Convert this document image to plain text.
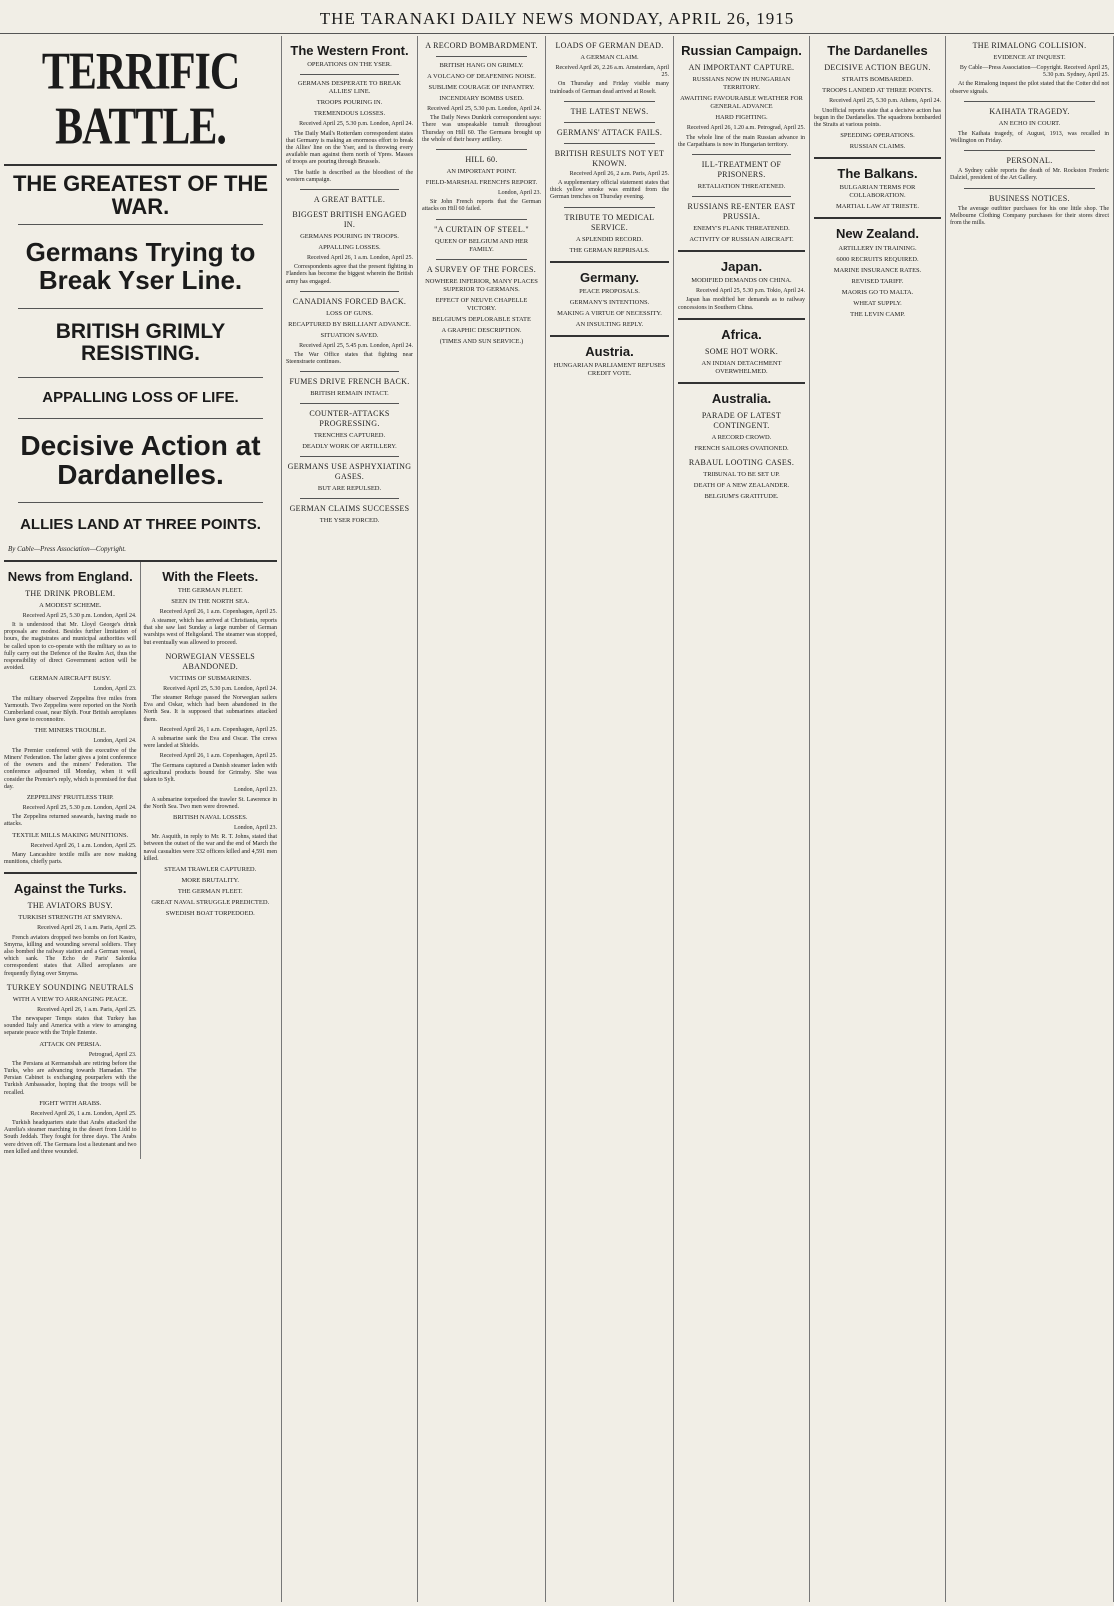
THE TARANAKI DAILY NEWS MONDAY, APRIL 26, 1915
TERRIFIC BATTLE.
THE GREATEST OF THE WAR.
Germans Trying to Break Yser Line.
BRITISH GRIMLY RESISTING.
APPALLING LOSS OF LIFE.
Decisive Action at Dardanelles.
ALLIES LAND AT THREE POINTS.
By Cable—Press Association—Copyright.
News from England.
THE DRINK PROBLEM.
A MODEST SCHEME.
Received April 25, 5.30 p.m. London, April 24.
It is understood that Mr. Lloyd George's drink proposals are modest. Besides further limitation of hours, the magistrates and municipal authorities will be called upon to co-operate with the military so as to fully carry out the Defence of the Realm Act, thus the responsibility of direct Government action will be avoided.
GERMAN AIRCRAFT BUSY.
London, April 23.
The military observed Zeppelins five miles from Yarmouth. Two Zeppelins were reported on the North Cumberland coast, near Blyth. Four British aeroplanes have gone to reconnoitre.
THE MINERS TROUBLE.
London, April 24.
The Premier conferred with the executive of the Miners' Federation. The latter gives a joint conference of the owners and the miners' Federation. The conference adjourned till Monday, when it will consider the Premier's reply, which is promised for that day.
ZEPPELINS' FRUITLESS TRIP.
Received April 25, 5.30 p.m. London, April 24.
The Zeppelins returned seawards, having made no attacks.
TEXTILE MILLS MAKING MUNITIONS.
Received April 26, 1 a.m. London, April 25.
Many Lancashire textile mills are now making munitions, chiefly parts.
Against the Turks.
THE AVIATORS BUSY.
TURKISH STRENGTH AT SMYRNA.
Received April 26, 1 a.m. Paris, April 25.
French aviators dropped two bombs on fort Kastro, Smyrna, killing and wounding several soldiers. They also bombed the railway station and a German vessel, which sank. The Echo de Paris' Salonika correspondent states that Allied aeroplanes are frequently flying over Smyrna.
TURKEY SOUNDING NEUTRALS
WITH A VIEW TO ARRANGING PEACE.
Received April 26, 1 a.m. Paris, April 25.
The newspaper Temps states that Turkey has sounded Italy and America with a view to arranging separate peace with the Triple Entente.
ATTACK ON PERSIA.
Petrograd, April 23.
The Persians at Kermanshah are retiring before the Turks, who are advancing towards Hamadan. The Persian Cabinet is exchanging pourparlers with the Turkish Ambassador, hoping that the troops will be recalled.
FIGHT WITH ARABS.
Received April 26, 1 a.m. London, April 25.
Turkish headquarters state that Arabs attacked the Aurelia's steamer marching in the desert from Lidd to South Jeddah. They fought for three days. The Arabs were driven off. The Germans lost a lieutenant and two men killed and three wounded.
With the Fleets.
THE GERMAN FLEET.
SEEN IN THE NORTH SEA.
Received April 26, 1 a.m. Copenhagen, April 25.
A steamer, which has arrived at Christiania, reports that she saw last Sunday a large number of German warships west of Heligoland. The steamer was stopped, but eventually was allowed to proceed.
NORWEGIAN VESSELS ABANDONED.
VICTIMS OF SUBMARINES.
Received April 25, 5.30 p.m. London, April 24.
The steamer Refuge passed the Norwegian sailers Eva and Oskar, which had been abandoned in the North Sea. It is supposed that submarines attacked them.
Received April 26, 1 a.m. Copenhagen, April 25.
A submarine sank the Eva and Oscar. The crews were landed at Shields.
Received April 26, 1 a.m. Copenhagen, April 25.
The Germans captured a Danish steamer laden with agricultural products bound for Grimsby. She was taken to Sylt.
London, April 23.
A submarine torpedoed the trawler St. Lawrence in the North Sea. Two men were drowned.
BRITISH NAVAL LOSSES.
London, April 23.
Mr. Asquith, in reply to Mr. R. T. Johns, stated that between the outset of the war and the end of March the naval casualties were 332 officers killed and 4,591 men killed.
STEAM TRAWLER CAPTURED.
MORE BRUTALITY.
THE GERMAN FLEET.
GREAT NAVAL STRUGGLE PREDICTED.
SWEDISH BOAT TORPEDOED.
The Western Front.
OPERATIONS ON THE YSER.
GERMANS DESPERATE TO BREAK ALLIES' LINE.
TROOPS POURING IN.
TREMENDOUS LOSSES.
Received April 25, 5.30 p.m. London, April 24.
The Daily Mail's Rotterdam correspondent states that Germany is making an enormous effort to break the Allies' line on the Yser, and is throwing every available man against them north of Ypres. Masses of troops are pouring through Brussels.
The battle is described as the bloodiest of the western campaign.
A GREAT BATTLE.
BIGGEST BRITISH ENGAGED IN.
GERMANS POURING IN TROOPS.
APPALLING LOSSES.
Received April 26, 1 a.m. London, April 25.
Correspondents agree that the present fighting in Flanders has become the biggest wherein the British army has engaged.
CANADIANS FORCED BACK.
LOSS OF GUNS.
RECAPTURED BY BRILLIANT ADVANCE.
SITUATION SAVED.
Received April 25, 5.45 p.m. London, April 24.
The War Office states that fighting near Steenstraete continues.
FUMES DRIVE FRENCH BACK.
BRITISH REMAIN INTACT.
COUNTER-ATTACKS PROGRESSING.
TRENCHES CAPTURED.
DEADLY WORK OF ARTILLERY.
GERMANS USE ASPHYXIATING GASES.
BUT ARE REPULSED.
GERMAN CLAIMS SUCCESSES
THE YSER FORCED.
A RECORD BOMBARDMENT.
BRITISH HANG ON GRIMLY.
A VOLCANO OF DEAFENING NOISE.
SUBLIME COURAGE OF INFANTRY.
INCENDIARY BOMBS USED.
Received April 25, 5.30 p.m. London, April 24.
The Daily News Dunkirk correspondent says: There was unspeakable tumult throughout Thursday on Hill 60. The Germans brought up the whole of their heavy artillery.
HILL 60.
AN IMPORTANT POINT.
FIELD-MARSHAL FRENCH'S REPORT.
London, April 23.
Sir John French reports that the German attacks on Hill 60 failed.
"A CURTAIN OF STEEL."
QUEEN OF BELGIUM AND HER FAMILY.
A SURVEY OF THE FORCES.
NOWHERE INFERIOR, MANY PLACES SUPERIOR TO GERMANS.
EFFECT OF NEUVE CHAPELLE VICTORY.
BELGIUM'S DEPLORABLE STATE
A GRAPHIC DESCRIPTION.
(TIMES AND SUN SERVICE.)
LOADS OF GERMAN DEAD.
A GERMAN CLAIM.
Received April 26, 2.26 a.m. Amsterdam, April 25.
On Thursday and Friday visible many trainloads of German dead arrived at Roselt.
THE LATEST NEWS.
GERMANS' ATTACK FAILS.
BRITISH RESULTS NOT YET KNOWN.
Received April 26, 2 a.m. Paris, April 25.
A supplementary official statement states that thick yellow smoke was emitted from the German trenches on Thursday evening.
TRIBUTE TO MEDICAL SERVICE.
A SPLENDID RECORD.
THE GERMAN REPRISALS.
Germany.
PEACE PROPOSALS.
GERMANY'S INTENTIONS.
MAKING A VIRTUE OF NECESSITY.
AN INSULTING REPLY.
Austria.
HUNGARIAN PARLIAMENT REFUSES CREDIT VOTE.
Russian Campaign.
AN IMPORTANT CAPTURE.
RUSSIANS NOW IN HUNGARIAN TERRITORY.
AWAITING FAVOURABLE WEATHER FOR GENERAL ADVANCE
HARD FIGHTING.
Received April 26, 1.20 a.m. Petrograd, April 25.
The whole line of the main Russian advance in the Carpathians is now in Hungarian territory.
ILL-TREATMENT OF PRISONERS.
RETALIATION THREATENED.
RUSSIANS RE-ENTER EAST PRUSSIA.
ENEMY'S FLANK THREATENED.
ACTIVITY OF RUSSIAN AIRCRAFT.
Japan.
MODIFIED DEMANDS ON CHINA.
Received April 25, 5.30 p.m. Tokio, April 24.
Japan has modified her demands as to railway concessions in Southern China.
Africa.
SOME HOT WORK.
AN INDIAN DETACHMENT OVERWHELMED.
Australia.
PARADE OF LATEST CONTINGENT.
A RECORD CROWD.
FRENCH SAILORS OVATIONED.
RABAUL LOOTING CASES.
TRIBUNAL TO BE SET UP.
DEATH OF A NEW ZEALANDER.
BELGIUM'S GRATITUDE.
The Dardanelles
DECISIVE ACTION BEGUN.
STRAITS BOMBARDED.
TROOPS LANDED AT THREE POINTS.
Received April 25, 5.30 p.m. Athens, April 24.
Unofficial reports state that a decisive action has begun in the Dardanelles. The squadrons bombarded the Straits at various points.
SPEEDING OPERATIONS.
RUSSIAN CLAIMS.
The Balkans.
BULGARIAN TERMS FOR COLLABORATION.
MARTIAL LAW AT TRIESTE.
New Zealand.
ARTILLERY IN TRAINING.
6000 RECRUITS REQUIRED.
MARINE INSURANCE RATES.
REVISED TARIFF.
MAORIS GO TO MALTA.
WHEAT SUPPLY.
THE LEVIN CAMP.
THE RIMALONG COLLISION.
EVIDENCE AT INQUEST.
By Cable—Press Association—Copyright. Received April 25, 5.30 p.m. Sydney, April 25.
At the Rimalong inquest the pilot stated that the Cotter did not observe signals.
KAIHATA TRAGEDY.
AN ECHO IN COURT.
The Kaihata tragedy, of August, 1913, was recalled in Wellington on Friday.
PERSONAL.
A Sydney cable reports the death of Mr. Rockston Frederic Dalziel, president of the Art Gallery.
BUSINESS NOTICES.
The average outfitter purchases for his one little shop. The Melbourne Clothing Company purchases for their stores direct from the mills.
